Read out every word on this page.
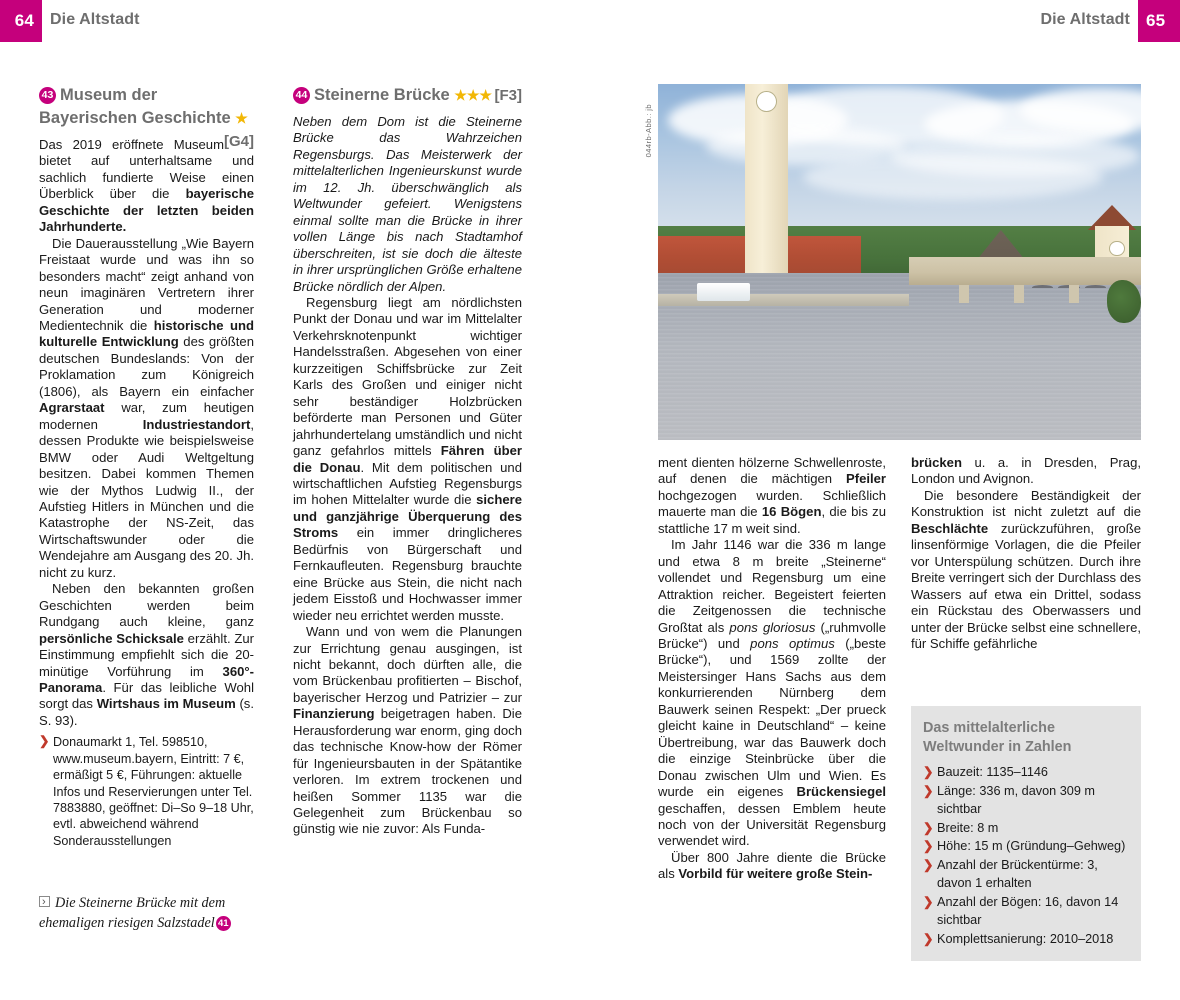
64	Die Altstadt	Die Altstadt 65
43 Museum der Bayerischen Geschichte ★
[G4]

Das 2019 eröffnete Museum bietet auf unterhaltsame und sachlich fundierte Weise einen Überblick über die bayerische Geschichte der letzten beiden Jahrhunderte.

Die Dauerausstellung „Wie Bayern Freistaat wurde und was ihn so besonders macht“ zeigt anhand von neun imaginären Vertretern ihrer Generation und moderner Medientechnik die historische und kulturelle Entwicklung des größten deutschen Bundeslands: Von der Proklamation zum Königreich (1806), als Bayern ein einfacher Agrarstaat war, zum heutigen modernen Industriestandort, dessen Produkte wie beispielsweise BMW oder Audi Weltgeltung besitzen. Dabei kommen Themen wie der Mythos Ludwig II., der Aufstieg Hitlers in München und die Katastrophe der NS-Zeit, das Wirtschaftswunder oder die Wendejahre am Ausgang des 20. Jh. nicht zu kurz.

Neben den bekannten großen Geschichten werden beim Rundgang auch kleine, ganz persönliche Schicksale erzählt. Zur Einstimmung empfiehlt sich die 20-minütige Vorführung im 360°-Panorama. Für das leibliche Wohl sorgt das Wirtshaus im Museum (s. S. 93).

❯ Donaumarkt 1, Tel. 598510, www.museum.bayern, Eintritt: 7 €, ermäßigt 5 €, Führungen: aktuelle Infos und Reservierungen unter Tel. 7883880, geöffnet: Di–So 9–18 Uhr, evtl. abweichend während Sonderausstellungen
44 Steinerne Brücke ★★★ [F3]

Neben dem Dom ist die Steinerne Brücke das Wahrzeichen Regensburgs. Das Meisterwerk der mittelalterlichen Ingenieurskunst wurde im 12. Jh. überschwänglich als Weltwunder gefeiert. Wenigstens einmal sollte man die Brücke in ihrer vollen Länge bis nach Stadtamhof überschreiten, ist sie doch die älteste in ihrer ursprünglichen Größe erhaltene Brücke nördlich der Alpen.

Regensburg liegt am nördlichsten Punkt der Donau und war im Mittelalter Verkehrsknotenpunkt wichtiger Handelsstraßen. Abgesehen von einer kurzzeitigen Schiffsbrücke zur Zeit Karls des Großen und einiger nicht sehr beständiger Holzbrücken beförderte man Personen und Güter jahrhundertelang umständlich und nicht ganz gefahrlos mittels Fähren über die Donau. Mit dem politischen und wirtschaftlichen Aufstieg Regensburgs im hohen Mittelalter wurde die sichere und ganzjährige Überquerung des Stroms ein immer dringlicheres Bedürfnis von Bürgerschaft und Fernkaufleuten. Regensburg brauchte eine Brücke aus Stein, die nicht nach jedem Eisstoß und Hochwasser immer wieder neu errichtet werden musste.

Wann und von wem die Planungen zur Errichtung genau ausgingen, ist nicht bekannt, doch dürften alle, die vom Brückenbau profitierten – Bischof, bayerischer Herzog und Patrizier – zur Finanzierung beigetragen haben. Die Herausforderung war enorm, ging doch das technische Know-how der Römer für Ingenieursbauten in der Spätantike verloren. Im extrem trockenen und heißen Sommer 1135 war die Gelegenheit zum Brückenbau so günstig wie nie zuvor: Als Funda-

044rb-Abb.: jb

ment dienten hölzerne Schwellenroste, auf denen die mächtigen Pfeiler hochgezogen wurden. Schließlich mauerte man die 16 Bögen, die bis zu stattliche 17 m weit sind.

Im Jahr 1146 war die 336 m lange und etwa 8 m breite „Steinerne“ vollendet und Regensburg um eine Attraktion reicher. Begeistert feierten die Zeitgenossen die technische Großtat als pons gloriosus („ruhmvolle Brücke“) und pons optimus („beste Brücke“), und 1569 zollte der Meistersinger Hans Sachs aus dem konkurrierenden Nürnberg dem Bauwerk seinen Respekt: „Der prueck gleicht kaine in Deutschland“ – keine Übertreibung, war das Bauwerk doch die einzige Steinbrücke über die Donau zwischen Ulm und Wien. Es wurde ein eigenes Brückensiegel geschaffen, dessen Emblem heute noch von der Universität Regensburg verwendet wird.

Über 800 Jahre diente die Brücke als Vorbild für weitere große Stein-

brücken u. a. in Dresden, Prag, London und Avignon.

Die besondere Beständigkeit der Konstruktion ist nicht zuletzt auf die Beschlächte zurückzuführen, große linsenförmige Vorlagen, die die Pfeiler vor Unterspülung schützen. Durch ihre Breite verringert sich der Durchlass des Wassers auf etwa ein Drittel, sodass ein Rückstau des Oberwassers und unter der Brücke selbst eine schnellere, für Schiffe gefährliche

Das mittelalterliche Weltwunder in Zahlen
❯ Bauzeit: 1135–1146
❯ Länge: 336 m, davon 309 m sichtbar
❯ Breite: 8 m
❯ Höhe: 15 m (Gründung–Gehweg)
❯ Anzahl der Brückentürme: 3, davon 1 erhalten
❯ Anzahl der Bögen: 16, davon 14 sichtbar
❯ Komplettsanierung: 2010–2018
›Die Steinerne Brücke mit dem ehemaligen riesigen Salzstadel 41
